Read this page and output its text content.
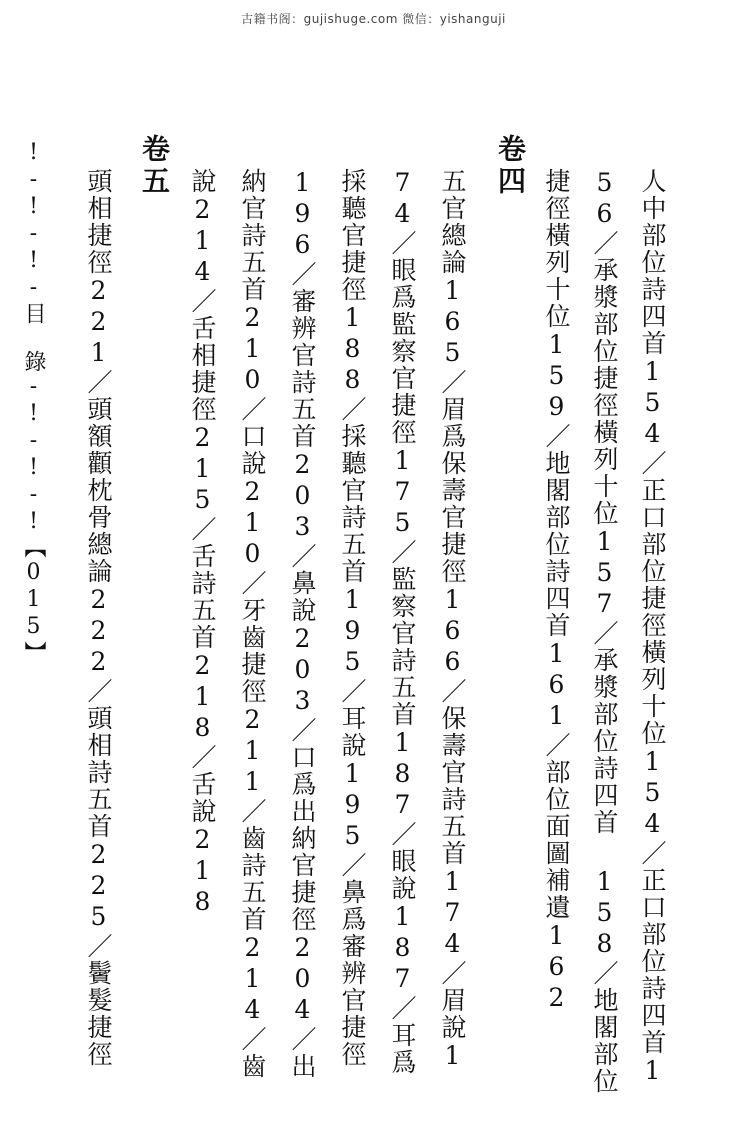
古籍书阁：gujishuge.com 微信：yishanguji
人中部位詩四首154／正口部位捷徑橫列十位154／正口部位詩四首1
56／承漿部位捷徑橫列十位157／承漿部位詩四首 158／地閣部位
捷徑橫列十位159／地閣部位詩四首161／部位面圖補遺162
卷四
五官總論165／眉爲保壽官捷徑166／保壽官詩五首174／眉說1
74／眼爲監察官捷徑175／監察官詩五首187／眼說187／耳爲
採聽官捷徑188／採聽官詩五首195／耳說195／鼻爲審辨官捷徑
196／審辨官詩五首203／鼻說203／口爲出納官捷徑204／出
納官詩五首210／口說210／牙齒捷徑211／齒詩五首214／齒
說214／舌相捷徑215／舌詩五首218／舌說218
卷五
頭相捷徑221／頭額顴枕骨總論222／頭相詩五首225／鬢髮捷徑
!-!-!-目　錄-!-!-!【015】
